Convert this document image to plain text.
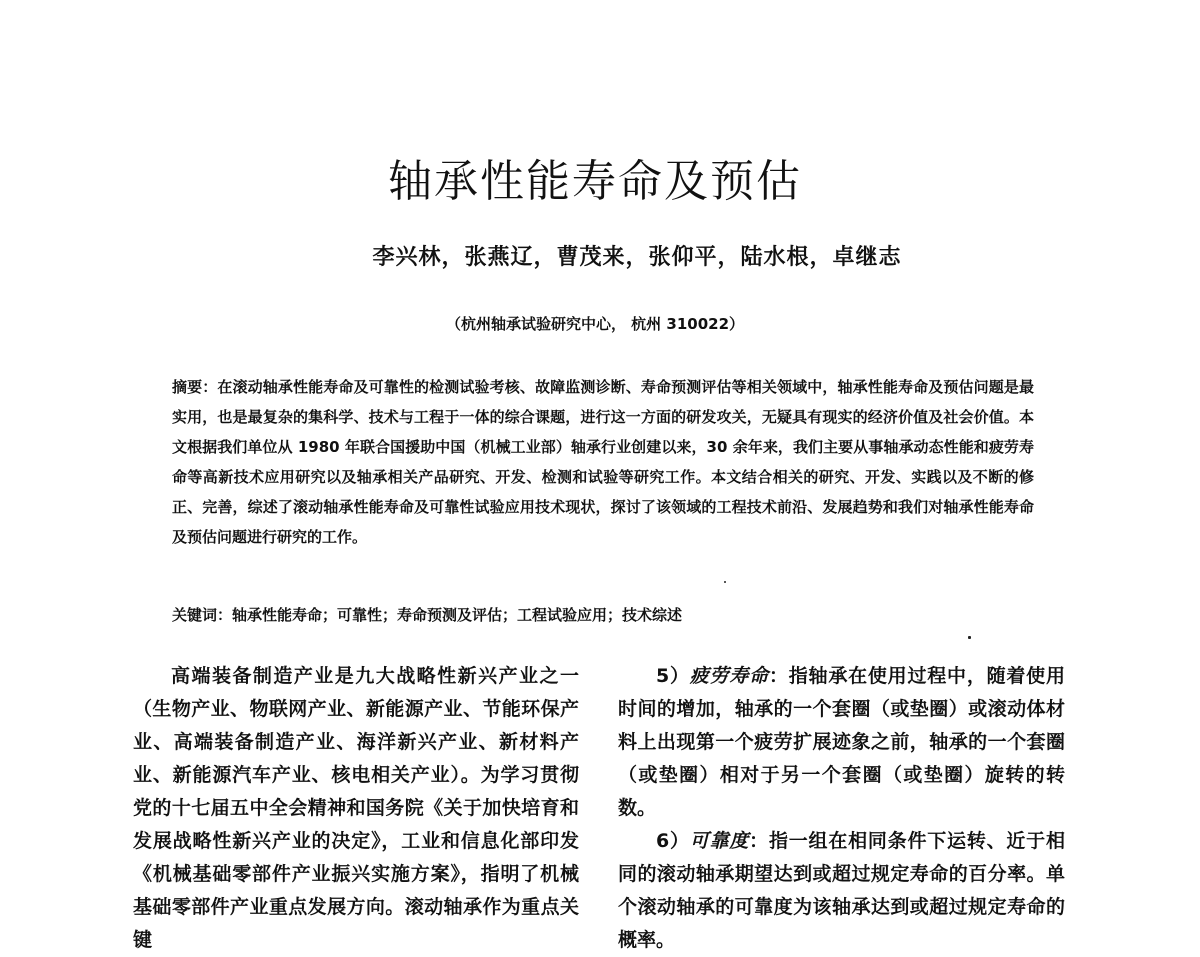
轴承性能寿命及预估
李兴林，张燕辽，曹茂来，张仰平，陆水根，卓继志
（杭州轴承试验研究中心， 杭州 310022）
摘要：在滚动轴承性能寿命及可靠性的检测试验考核、故障监测诊断、寿命预测评估等相关领域中，轴承性能寿命及预估问题是最实用，也是最复杂的集科学、技术与工程于一体的综合课题，进行这一方面的研发攻关，无疑具有现实的经济价值及社会价值。本文根据我们单位从 1980 年联合国援助中国（机械工业部）轴承行业创建以来，30 余年来，我们主要从事轴承动态性能和疲劳寿命等高新技术应用研究以及轴承相关产品研究、开发、检测和试验等研究工作。本文结合相关的研究、开发、实践以及不断的修正、完善，综述了滚动轴承性能寿命及可靠性试验应用技术现状，探讨了该领域的工程技术前沿、发展趋势和我们对轴承性能寿命及预估问题进行研究的工作。
关键词：轴承性能寿命；可靠性；寿命预测及评估；工程试验应用；技术综述

高端装备制造产业是九大战略性新兴产业之一（生物产业、物联网产业、新能源产业、节能环保产业、高端装备制造产业、海洋新兴产业、新材料产业、新能源汽车产业、核电相关产业）。为学习贯彻党的十七届五中全会精神和国务院《关于加快培育和发展战略性新兴产业的决定》，工业和信息化部印发《机械基础零部件产业振兴实施方案》，指明了机械基础零部件产业重点发展方向。滚动轴承作为重点关键

5）疲劳寿命：指轴承在使用过程中，随着使用时间的增加，轴承的一个套圈（或垫圈）或滚动体材料上出现第一个疲劳扩展迹象之前，轴承的一个套圈（或垫圈）相对于另一个套圈（或垫圈）旋转的转数。

6）可靠度：指一组在相同条件下运转、近于相同的滚动轴承期望达到或超过规定寿命的百分率。单个滚动轴承的可靠度为该轴承达到或超过规定寿命的概率。
